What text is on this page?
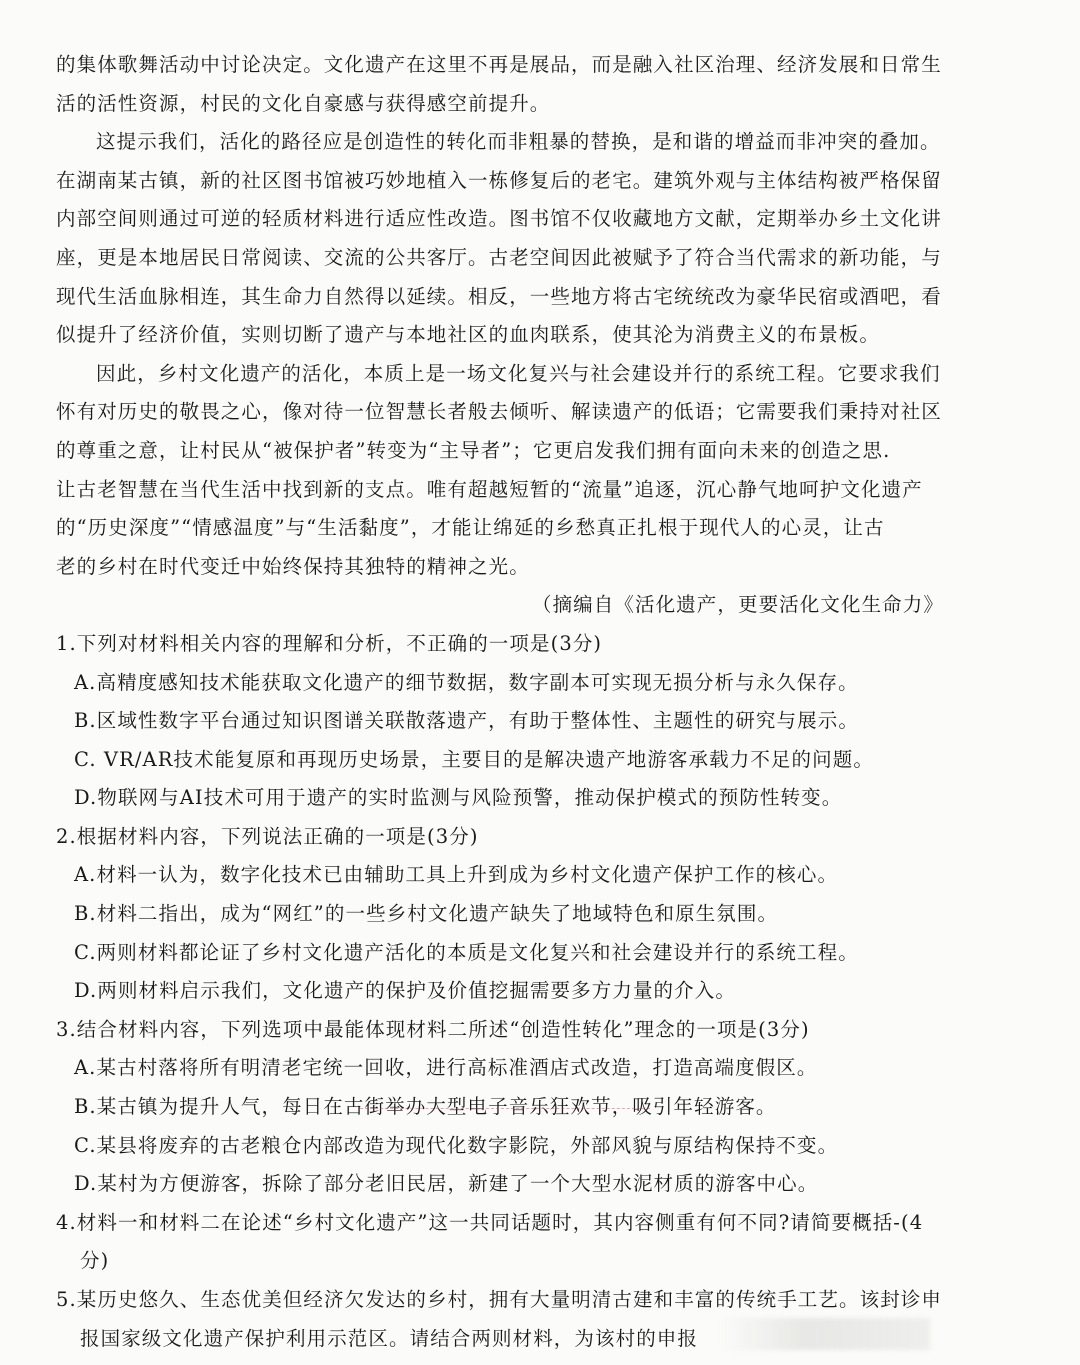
的集体歌舞活动中讨论决定。文化遗产在这里不再是展品，而是融入社区治理、经济发展和日常生
活的活性资源，村民的文化自豪感与获得感空前提升。
这提示我们，活化的路径应是创造性的转化而非粗暴的替换，是和谐的增益而非冲突的叠加。
在湖南某古镇，新的社区图书馆被巧妙地植入一栋修复后的老宅。建筑外观与主体结构被严格保留
内部空间则通过可逆的轻质材料进行适应性改造。图书馆不仅收藏地方文献，定期举办乡土文化讲
座，更是本地居民日常阅读、交流的公共客厅。古老空间因此被赋予了符合当代需求的新功能，与
现代生活血脉相连，其生命力自然得以延续。相反，一些地方将古宅统统改为豪华民宿或酒吧，看
似提升了经济价值，实则切断了遗产与本地社区的血肉联系，使其沦为消费主义的布景板。
因此，乡村文化遗产的活化，本质上是一场文化复兴与社会建设并行的系统工程。它要求我们
怀有对历史的敬畏之心，像对待一位智慧长者般去倾听、解读遗产的低语；它需要我们秉持对社区
的尊重之意，让村民从“被保护者”转变为“主导者”；它更启发我们拥有面向未来的创造之思.
让古老智慧在当代生活中找到新的支点。唯有超越短暂的“流量”追逐，沉心静气地呵护文化遗产
的“历史深度”“情感温度”与“生活黏度”，才能让绵延的乡愁真正扎根于现代人的心灵，让古
老的乡村在时代变迁中始终保持其独特的精神之光。
（摘编自《活化遗产，更要活化文化生命力》
1.下列对材料相关内容的理解和分析，不正确的一项是(3分)
A.高精度感知技术能获取文化遗产的细节数据，数字副本可实现无损分析与永久保存。
B.区域性数字平台通过知识图谱关联散落遗产，有助于整体性、主题性的研究与展示。
C. VR/AR技术能复原和再现历史场景，主要目的是解决遗产地游客承载力不足的问题。
D.物联网与AI技术可用于遗产的实时监测与风险预警，推动保护模式的预防性转变。
2.根据材料内容，下列说法正确的一项是(3分)
A.材料一认为，数字化技术已由辅助工具上升到成为乡村文化遗产保护工作的核心。
B.材料二指出，成为“网红”的一些乡村文化遗产缺失了地域特色和原生氛围。
C.两则材料都论证了乡村文化遗产活化的本质是文化复兴和社会建设并行的系统工程。
D.两则材料启示我们，文化遗产的保护及价值挖掘需要多方力量的介入。
3.结合材料内容，下列选项中最能体现材料二所述“创造性转化”理念的一项是(3分)
A.某古村落将所有明清老宅统一回收，进行高标准酒店式改造，打造高端度假区。
B.某古镇为提升人气，每日在古街举办大型电子音乐狂欢节，吸引年轻游客。
C.某县将废弃的古老粮仓内部改造为现代化数字影院，外部风貌与原结构保持不变。
D.某村为方便游客，拆除了部分老旧民居，新建了一个大型水泥材质的游客中心。
4.材料一和材料二在论述“乡村文化遗产”这一共同话题时，其内容侧重有何不同?请简要概括-(4
分)
5.某历史悠久、生态优美但经济欠发达的乡村，拥有大量明清古建和丰富的传统手工艺。该封诊申
报国家级文化遗产保护利用示范区。请结合两则材料，为该村的申报
